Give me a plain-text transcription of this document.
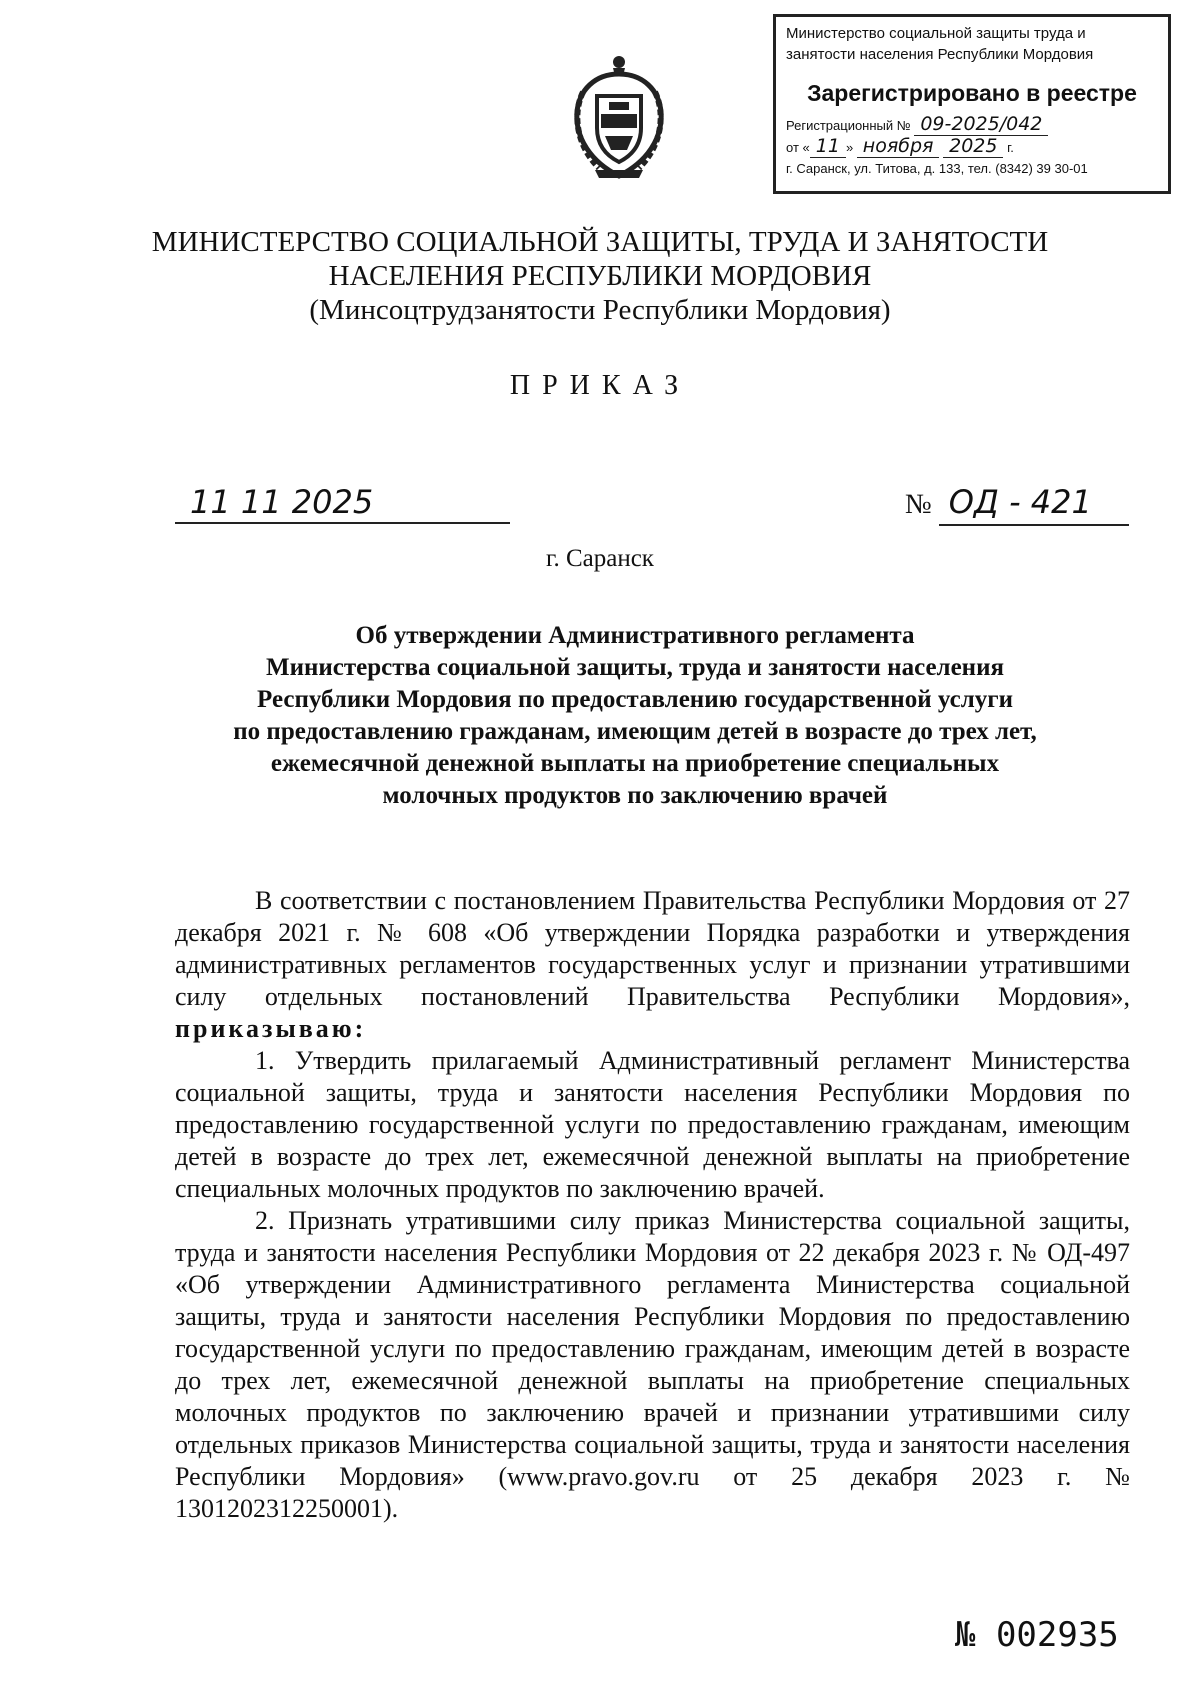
Министерство социальной защиты труда и
занятости населения Республики Мордовия
Зарегистрировано в реестре
Регистрационный № 09-2025/042
от « 11 » ноября 2025 г.
г. Саранск, ул. Титова, д. 133, тел. (8342) 39 30-01
МИНИСТЕРСТВО СОЦИАЛЬНОЙ ЗАЩИТЫ, ТРУДА И ЗАНЯТОСТИ
НАСЕЛЕНИЯ РЕСПУБЛИКИ МОРДОВИЯ
(Минсоцтрудзанятости Республики Мордовия)
ПРИКАЗ
11 11 2025	№ ОД - 421
г. Саранск
Об утверждении Административного регламента
Министерства социальной защиты, труда и занятости населения
Республики Мордовия по предоставлению государственной услуги
по предоставлению гражданам, имеющим детей в возрасте до трех лет,
ежемесячной денежной выплаты на приобретение специальных
молочных продуктов по заключению врачей

В соответствии с постановлением Правительства Республики Мордовия от 27 декабря 2021 г. № 608 «Об утверждении Порядка разработки и утверждения административных регламентов государственных услуг и признании утратившими силу отдельных постановлений Правительства Республики Мордовия», приказываю:

1. Утвердить прилагаемый Административный регламент Министерства социальной защиты, труда и занятости населения Республики Мордовия по предоставлению государственной услуги по предоставлению гражданам, имеющим детей в возрасте до трех лет, ежемесячной денежной выплаты на приобретение специальных молочных продуктов по заключению врачей.

2. Признать утратившими силу приказ Министерства социальной защиты, труда и занятости населения Республики Мордовия от 22 декабря 2023 г. № ОД-497 «Об утверждении Административного регламента Министерства социальной защиты, труда и занятости населения Республики Мордовия по предоставлению государственной услуги по предоставлению гражданам, имеющим детей в возрасте до трех лет, ежемесячной денежной выплаты на приобретение специальных молочных продуктов по заключению врачей и признании утратившими силу отдельных приказов Министерства социальной защиты, труда и занятости населения Республики Мордовия» (www.pravo.gov.ru от 25 декабря 2023 г. № 1301202312250001).

№ 002935
